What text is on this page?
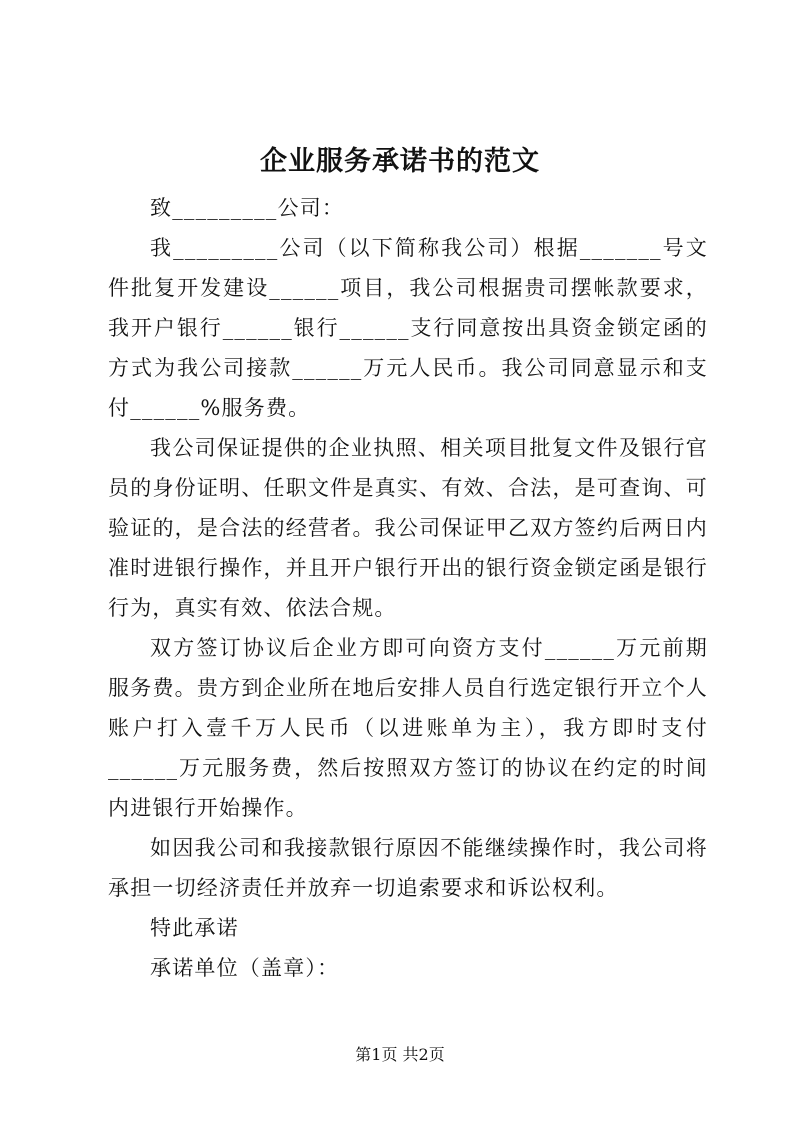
企业服务承诺书的范文

致_________公司：

我_________公司（以下简称我公司）根据_______号文件批复开发建设______项目，我公司根据贵司摆帐款要求，我开户银行______银行______支行同意按出具资金锁定函的方式为我公司接款______万元人民币。我公司同意显示和支付______%服务费。

我公司保证提供的企业执照、相关项目批复文件及银行官员的身份证明、任职文件是真实、有效、合法，是可查询、可验证的，是合法的经营者。我公司保证甲乙双方签约后两日内准时进银行操作，并且开户银行开出的银行资金锁定函是银行行为，真实有效、依法合规。

双方签订协议后企业方即可向资方支付______万元前期服务费。贵方到企业所在地后安排人员自行选定银行开立个人账户打入壹千万人民币（以进账单为主），我方即时支付______万元服务费，然后按照双方签订的协议在约定的时间内进银行开始操作。

如因我公司和我接款银行原因不能继续操作时，我公司将承担一切经济责任并放弃一切追索要求和诉讼权利。

特此承诺

承诺单位（盖章）：

第1页 共2页
